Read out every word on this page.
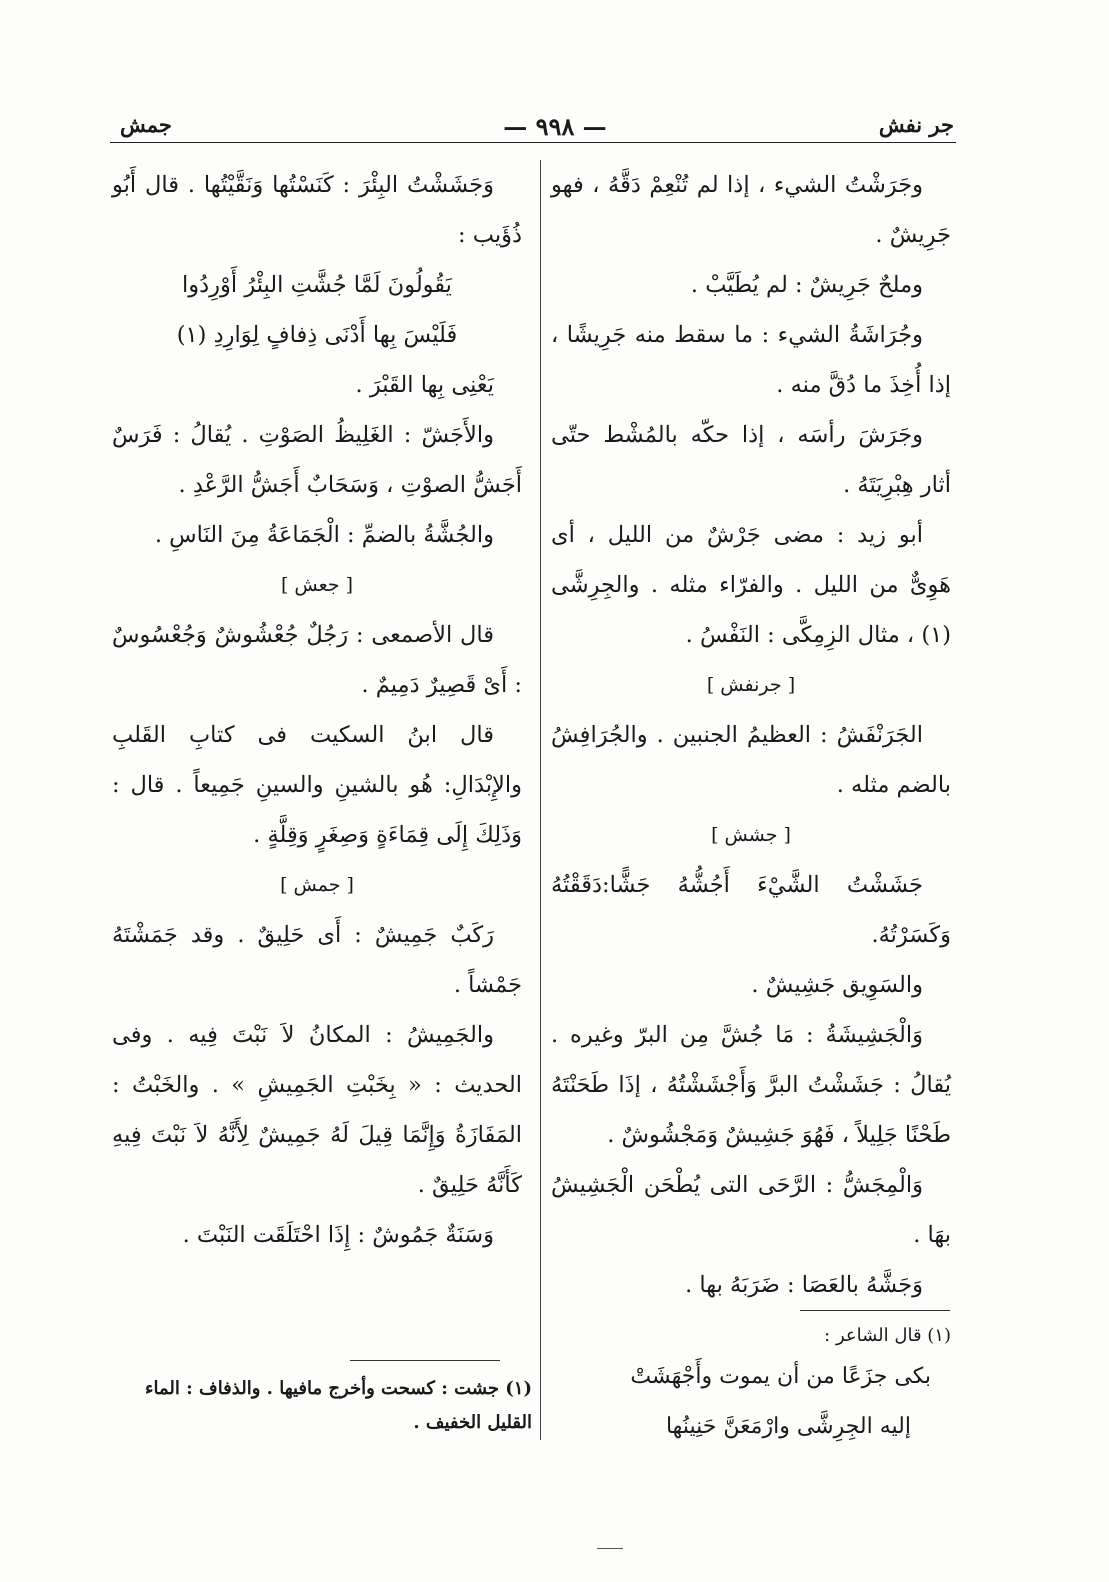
جر نفش
— ٩٩٨ —
جمش

وجَرَشْتُ الشيء ، إذا لم تُنْعِمْ دَقَّهُ ، فهو جَرِيشٌ .

وملحٌ جَرِيشٌ : لم يُطَيَّبْ .

وجُرَاشَةُ الشيء : ما سقط منه جَرِيشًا ، إذا أُخِذَ ما دُقَّ منه .

وجَرَشَ رأسَه ، إذا حكّه بالمُشْط حتّى أثار هِبْرِيَتَهُ .

أبو زيد : مضى جَرْشٌ من الليل ، أى هَوِىٌّ من الليل . والفرّاء مثله . والجِرِشَّى (١) ، مثال الزِمِكَّى : النَفْسُ .

[ جرنفش ]

الجَرَنْفَشُ : العظيمُ الجنبين . والجُرَافِشُ بالضم مثله .

[ جشش ]

جَشَشْتُ الشَّيْءَ أَجُشُّهُ جَشًّا:دَقَقْتُهُ وَكَسَرْتُهُ.

والسَوِيق جَشِيشٌ .

وَالْجَشِيشَةُ : مَا جُشَّ مِن البرّ وغيره . يُقالُ : جَشَشْتُ البرَّ وَأَجْشَشْتُهُ ، إذَا طَحَنْتَهُ طَحْنًا جَلِيلاً ، فَهُوَ جَشِيشٌ وَمَجْشُوشٌ .

وَالْمِجَشُّ : الرَّحَى التى يُطْحَن الْجَشِيشُ بهَا .

وَجَشَّهُ بالعَصَا : ضَرَبَهُ بها .

وَجَشَشْتُ البِئْرَ : كَنَسْتُها وَنَقَّيْتُها . قال أَبُو ذُؤَيب :

يَقُولُونَ لَمَّا جُشَّتِ البِئْرُ أَوْرِدُوا

فَلَيْسَ بِها أَدْنَى ذِفافٍ لِوَارِدِ (١)

يَعْنِى بِها القَبْرَ .

والأَجَشّ : الغَلِيظُ الصَوْتِ . يُقالُ : فَرَسٌ أَجَشُّ الصوْتِ ، وَسَحَابٌ أَجَشُّ الرَّعْدِ .

والجُشَّةُ بالضمِّ : الْجَمَاعَةُ مِنَ النَاسِ .

[ جعش ]

قال الأصمعى : رَجُلٌ جُعْشُوشٌ وَجُعْسُوسٌ : أَىْ قَصِيرٌ دَمِيمٌ .

قال ابنُ السكيت فى كتابِ القَلبِ والإِبْدَالِ: هُو بالشينِ والسينِ جَمِيعاً . قال : وَذَلِكَ إِلَى قِمَاءَةٍ وَصِغَرٍ وَقِلَّةٍ .

[ جمش ]

رَكَبٌ جَمِيشٌ : أَى حَلِيقٌ . وقد جَمَشْتَهُ جَمْشاً .

والجَمِيشُ : المكانُ لاَ نَبْتَ فِيه . وفى الحديث : « بِخَبْتِ الجَمِيشِ » . والخَبْتُ : المَفَازَةُ وَإِنَّمَا قِيلَ لَهُ جَمِيشٌ لِأَنَّهُ لاَ نَبْتَ فِيهِ كَأَنَّهُ حَلِيقٌ .

وَسَنَةٌ جَمُوشٌ : إِذَا احْتَلَقَت النَبْتَ .

(١) جشت : كسحت وأخرج مافيها . والذفاف : الماء القليل الخفيف .

(١) قال الشاعر :

بكى جزَعًا من أن يموت وأَجْهَشَتْ

إليه الجِرِشَّى وارْمَعَنَّ حَنِينُها
